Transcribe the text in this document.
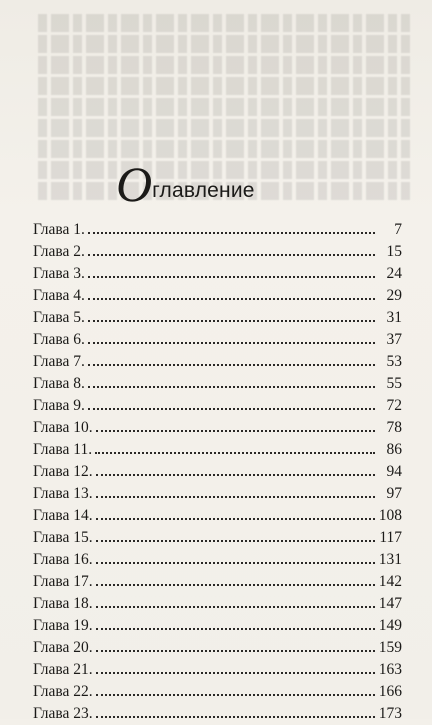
О главление
Глава 1.	7
Глава 2.	15
Глава 3.	24
Глава 4.	29
Глава 5.	31
Глава 6.	37
Глава 7.	53
Глава 8.	55
Глава 9.	72
Глава 10.	78
Глава 11.	86
Глава 12.	94
Глава 13.	97
Глава 14.	108
Глава 15.	117
Глава 16.	131
Глава 17.	142
Глава 18.	147
Глава 19.	149
Глава 20.	159
Глава 21.	163
Глава 22.	166
Глава 23.	173
